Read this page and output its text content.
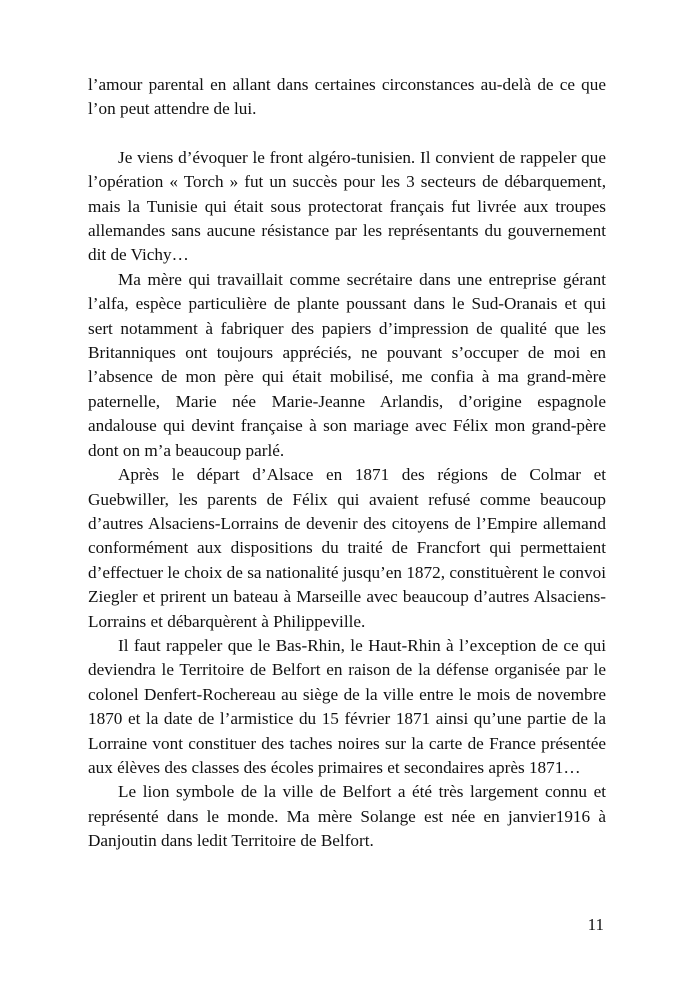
l’amour parental en allant dans certaines circonstances au-delà de ce que l’on peut attendre de lui.

Je viens d’évoquer le front algéro-tunisien. Il convient de rappeler que l’opération « Torch » fut un succès pour les 3 secteurs de débarquement, mais la Tunisie qui était sous protectorat français fut livrée aux troupes allemandes sans aucune résistance par les représentants du gouvernement dit de Vichy…

Ma mère qui travaillait comme secrétaire dans une entreprise gérant l’alfa, espèce particulière de plante poussant dans le Sud-Oranais et qui sert notamment à fabriquer des papiers d’impression de qualité que les Britanniques ont toujours appréciés, ne pouvant s’occuper de moi en l’absence de mon père qui était mobilisé, me confia à ma grand-mère paternelle, Marie née Marie-Jeanne Arlandis, d’origine espagnole andalouse qui devint française à son mariage avec Félix mon grand-père dont on m’a beaucoup parlé.

Après le départ d’Alsace en 1871 des régions de Colmar et Guebwiller, les parents de Félix qui avaient refusé comme beaucoup d’autres Alsaciens-Lorrains de devenir des citoyens de l’Empire allemand conformément aux dispositions du traité de Francfort qui permettaient d’effectuer le choix de sa nationalité jusqu’en 1872, constituèrent le convoi Ziegler et prirent un bateau à Marseille avec beaucoup d’autres Alsaciens-Lorrains et débarquèrent à Philippeville.

Il faut rappeler que le Bas-Rhin, le Haut-Rhin à l’exception de ce qui deviendra le Territoire de Belfort en raison de la défense organisée par le colonel Denfert-Rochereau au siège de la ville entre le mois de novembre 1870 et la date de l’armistice du 15 février 1871 ainsi qu’une partie de la Lorraine vont constituer des taches noires sur la carte de France présentée aux élèves des classes des écoles primaires et secondaires après 1871…

Le lion symbole de la ville de Belfort a été très largement connu et représenté dans le monde. Ma mère Solange est née en janvier1916 à Danjoutin dans ledit Territoire de Belfort.

11
